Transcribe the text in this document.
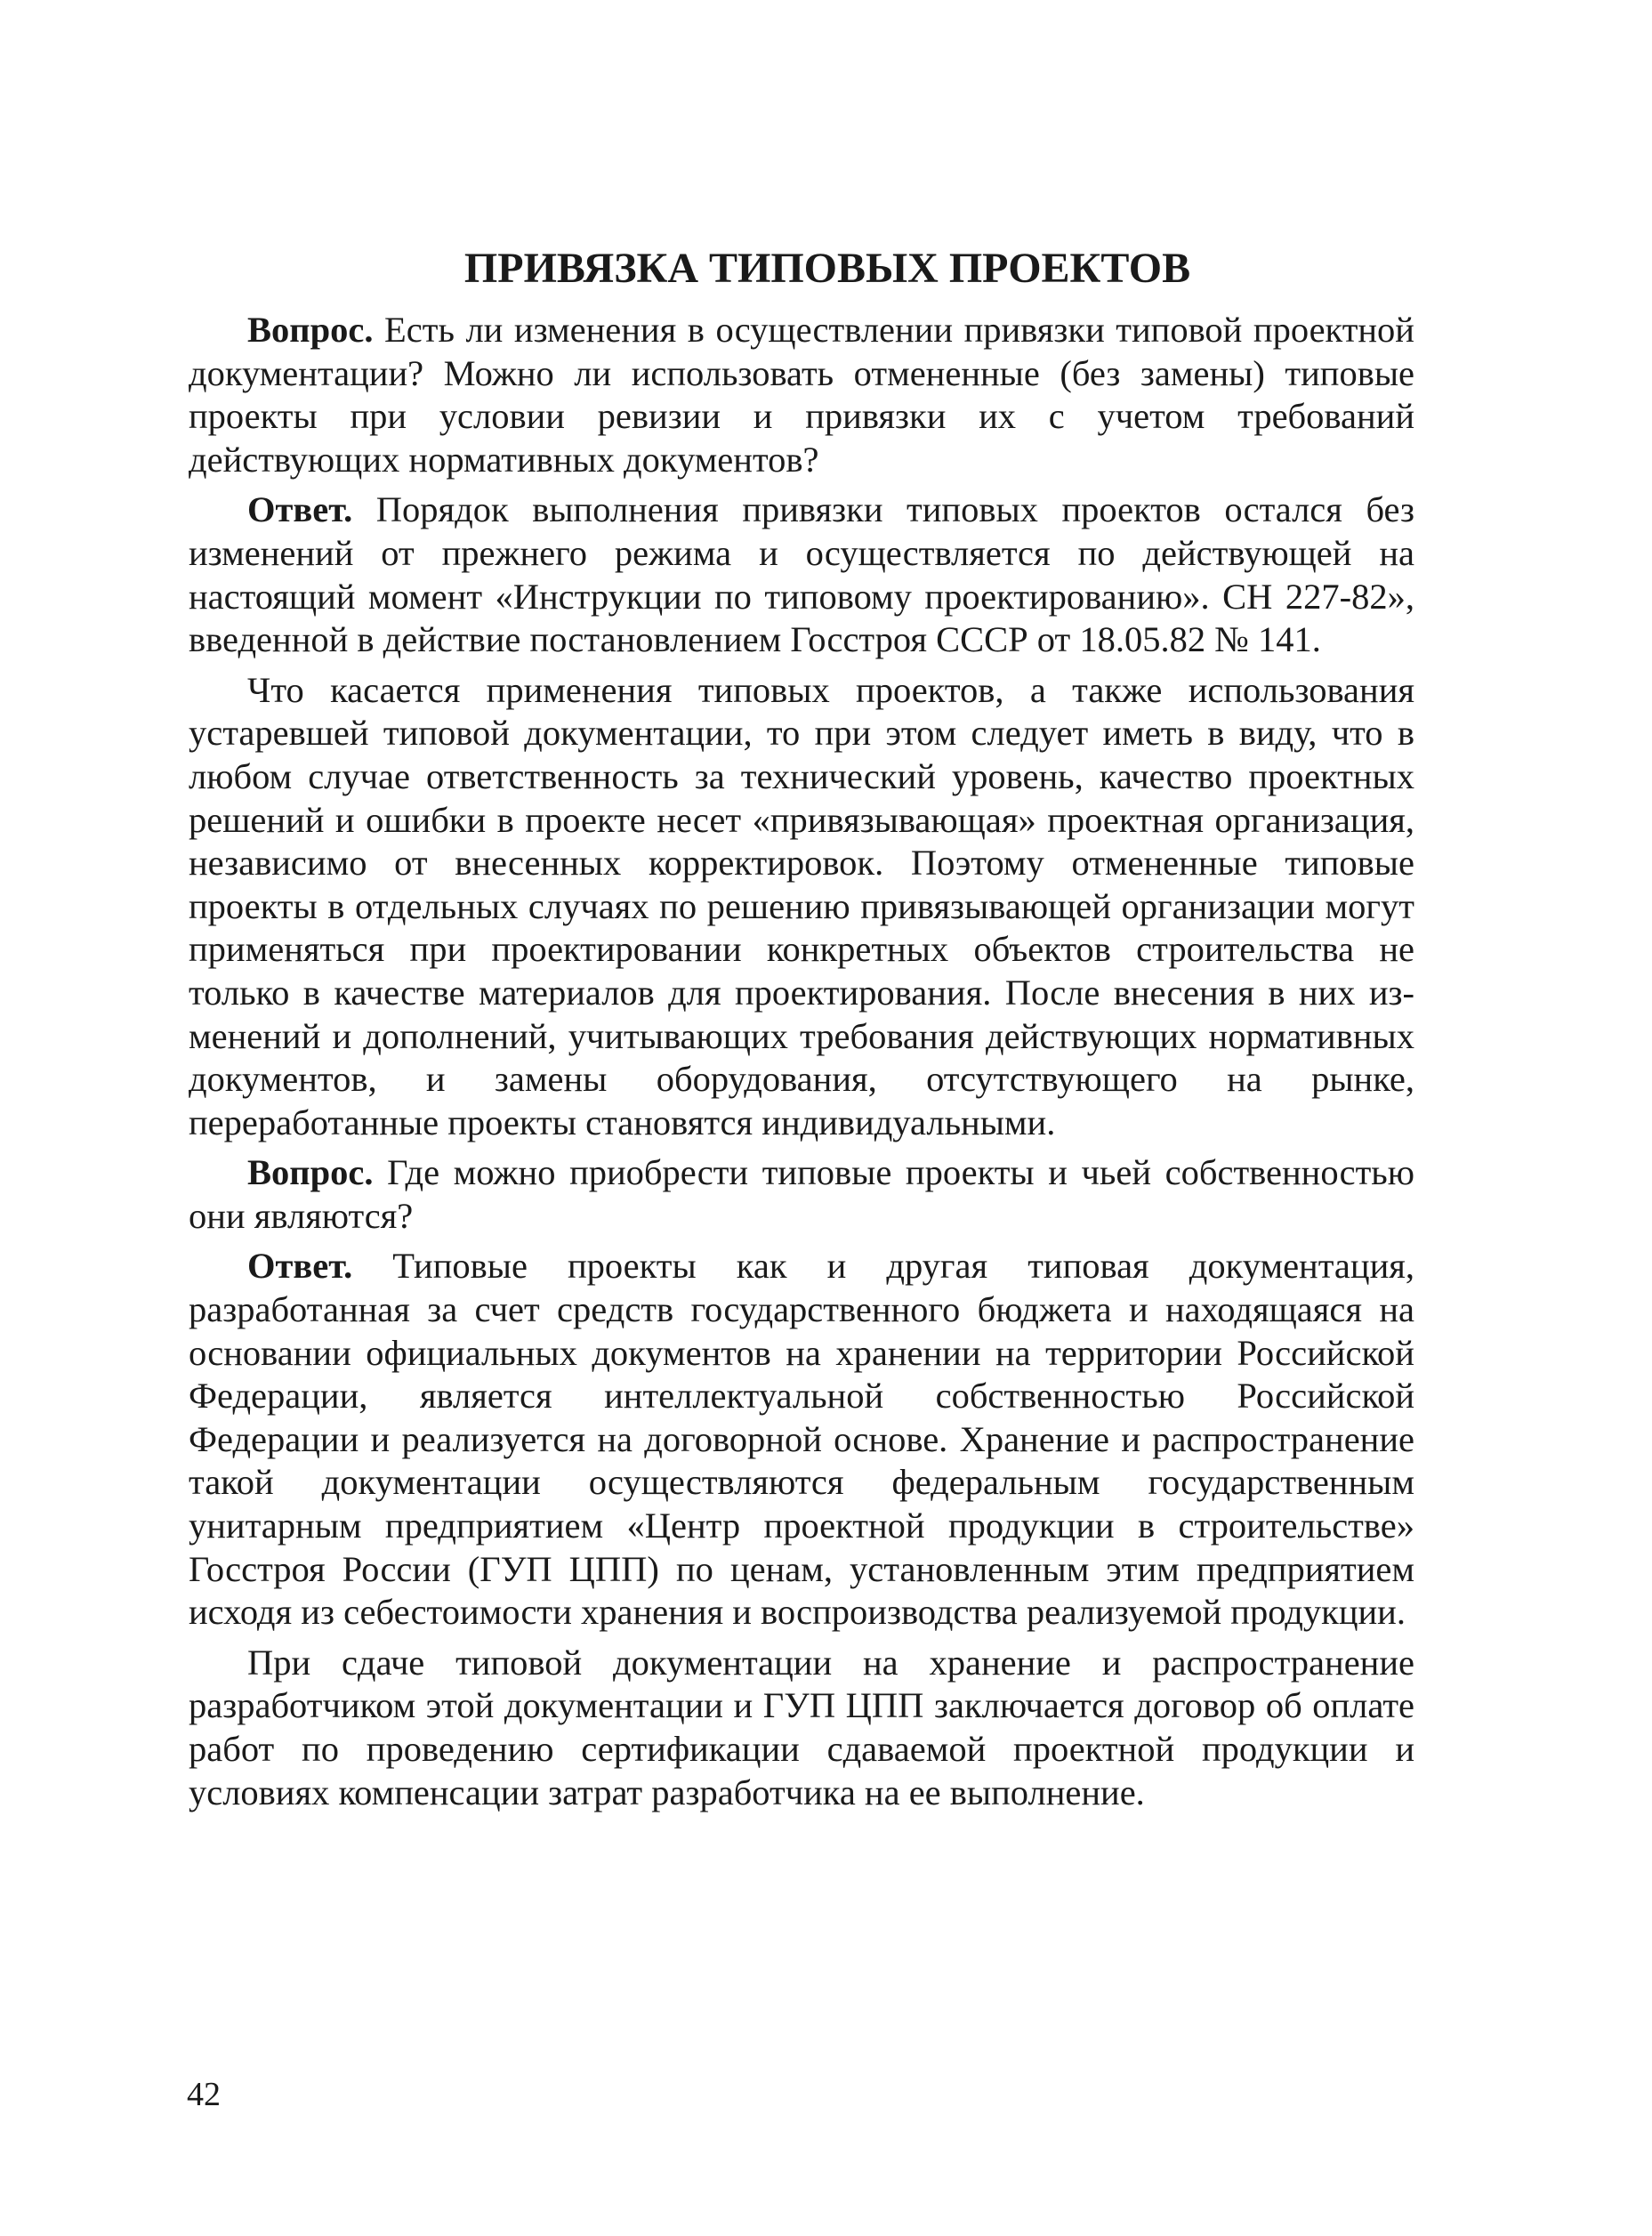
ПРИВЯЗКА ТИПОВЫХ ПРОЕКТОВ

Вопрос. Есть ли изменения в осуществлении привязки типовой проектной документации? Можно ли использовать отмененные (без замены) типовые проекты при условии ревизии и привязки их с учетом требований действующих нормативных документов?

Ответ. Порядок выполнения привязки типовых проектов остался без изменений от прежнего режима и осуществляется по действующей на настоящий момент «Инструкции по типовому проектированию». СН 227-82», введенной в действие постановлением Госстроя СССР от 18.05.82 № 141.

Что касается применения типовых проектов, а также использования устаревшей типовой документации, то при этом следует иметь в виду, что в любом случае ответственность за технический уровень, качество проектных решений и ошибки в проекте несет «привязывающая» проектная организация, независимо от внесенных корректировок. Поэтому отмененные типовые проекты в отдельных случаях по решению привязывающей организации могут применяться при проектировании конкретных объектов строительства не только в качестве материалов для проектирования. После внесения в них изменений и дополнений, учитывающих требования действующих нормативных документов, и замены оборудования, отсутствующего на рынке, переработанные проекты становятся индивидуальными.

Вопрос. Где можно приобрести типовые проекты и чьей собственностью они являются?

Ответ. Типовые проекты как и другая типовая документация, разработанная за счет средств государственного бюджета и находящаяся на основании официальных документов на хранении на территории Российской Федерации, является интеллектуальной собственностью Российской Федерации и реализуется на договорной основе. Хранение и распространение такой документации осуществляются федеральным государственным унитарным предприятием «Центр проектной продукции в строительстве» Госстроя России (ГУП ЦПП) по ценам, установленным этим предприятием исходя из себестоимости хранения и воспроизводства реализуемой продукции.

При сдаче типовой документации на хранение и распространение разработчиком этой документации и ГУП ЦПП заключается договор об оплате работ по проведению сертификации сдаваемой проектной продукции и условиях компенсации затрат разработчика на ее выполнение.

42
